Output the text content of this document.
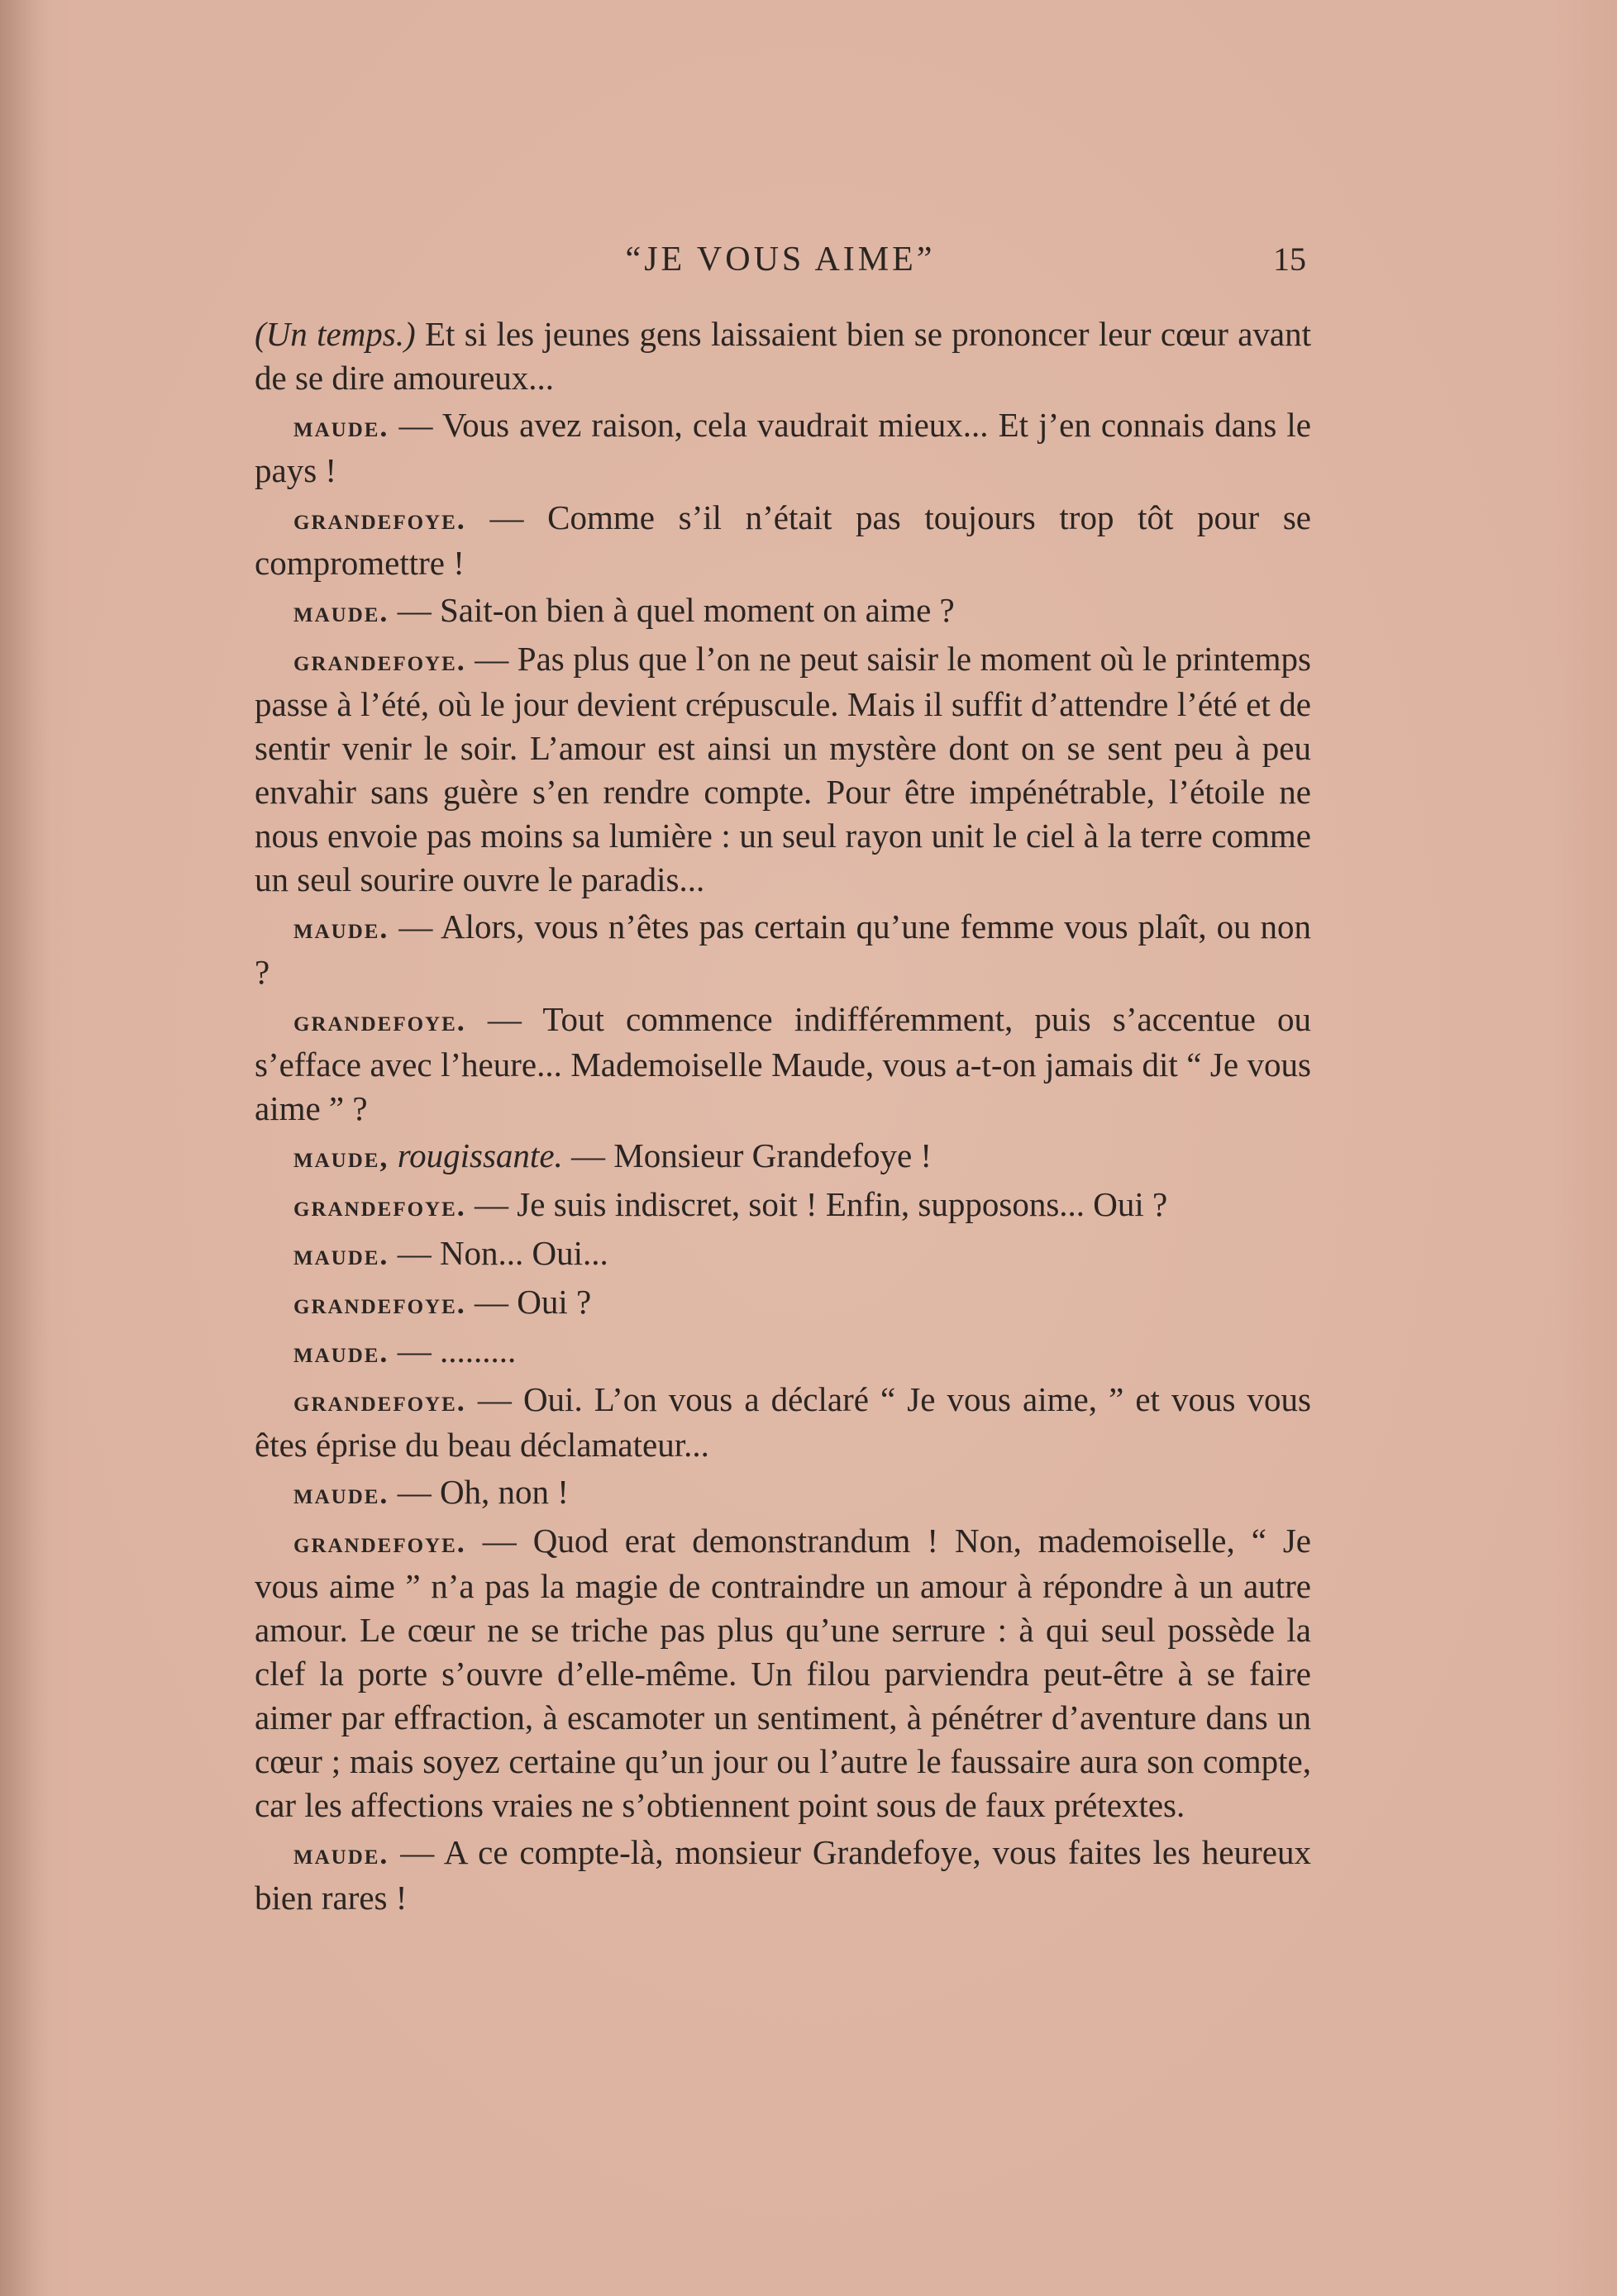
“JE VOUS AIME”	15

(Un temps.) Et si les jeunes gens laissaient bien se prononcer leur cœur avant de se dire amoureux...

maude. — Vous avez raison, cela vaudrait mieux... Et j’en connais dans le pays !

grandefoye. — Comme s’il n’était pas toujours trop tôt pour se compromettre !

maude. — Sait-on bien à quel moment on aime ?

grandefoye. — Pas plus que l’on ne peut saisir le moment où le printemps passe à l’été, où le jour devient crépuscule. Mais il suffit d’attendre l’été et de sentir venir le soir. L’amour est ainsi un mystère dont on se sent peu à peu envahir sans guère s’en rendre compte. Pour être impénétrable, l’étoile ne nous envoie pas moins sa lumière : un seul rayon unit le ciel à la terre comme un seul sourire ouvre le paradis...

maude. — Alors, vous n’êtes pas certain qu’une femme vous plaît, ou non ?

grandefoye. — Tout commence indifféremment, puis s’accentue ou s’efface avec l’heure... Mademoiselle Maude, vous a-t-on jamais dit “ Je vous aime ” ?

maude, rougissante. — Monsieur Grandefoye !

grandefoye. — Je suis indiscret, soit ! Enfin, supposons... Oui ?

maude. — Non... Oui...

grandefoye. — Oui ?

maude. — .........

grandefoye. — Oui. L’on vous a déclaré “ Je vous aime, ” et vous vous êtes éprise du beau déclamateur...

maude. — Oh, non !

grandefoye. — Quod erat demonstrandum ! Non, mademoiselle, “ Je vous aime ” n’a pas la magie de contraindre un amour à répondre à un autre amour. Le cœur ne se triche pas plus qu’une serrure : à qui seul possède la clef la porte s’ouvre d’elle-même. Un filou parviendra peut-être à se faire aimer par effraction, à escamoter un sentiment, à pénétrer d’aventure dans un cœur ; mais soyez certaine qu’un jour ou l’autre le faussaire aura son compte, car les affections vraies ne s’obtiennent point sous de faux prétextes.

maude. — A ce compte-là, monsieur Grandefoye, vous faites les heureux bien rares !
